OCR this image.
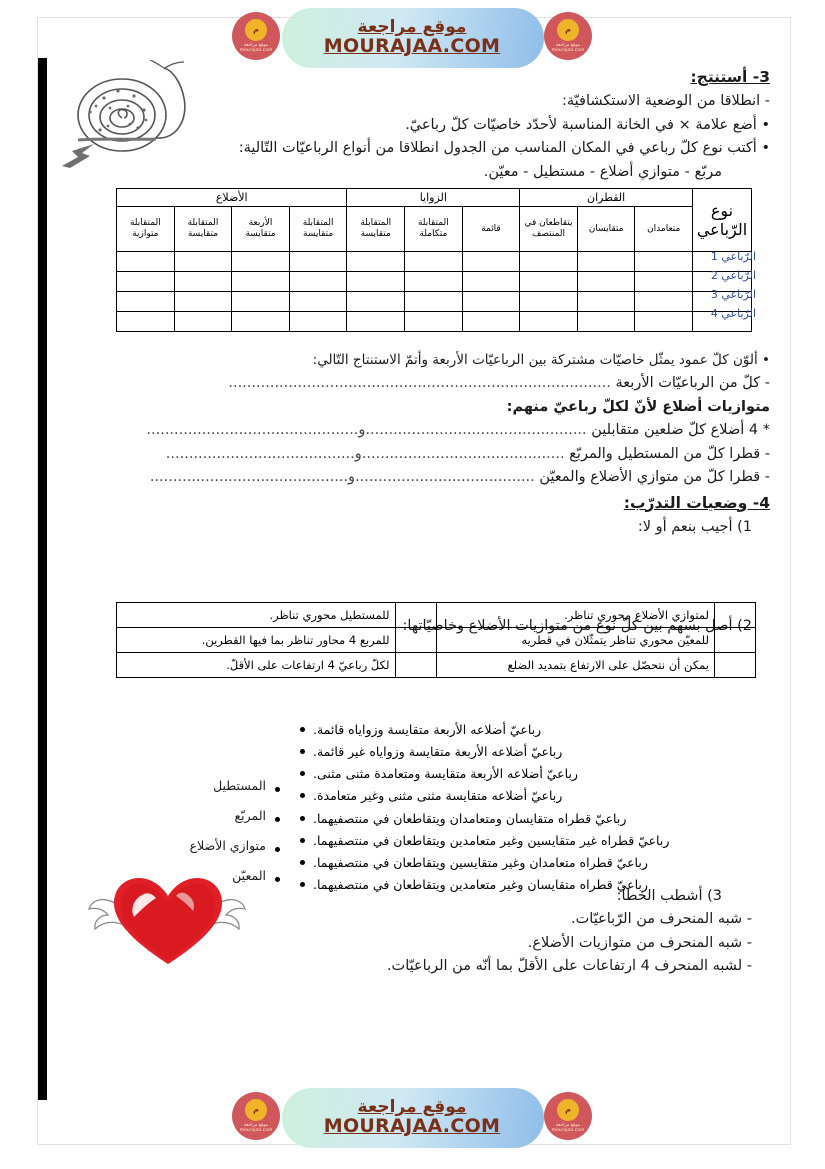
3- أستنتج:
- انطلاقا من الوضعية الاستكشافيّة:
• أضع علامة × في الخانة المناسبة لأحدّد خاصيّات كلّ رباعيّ.
• أكتب نوع كلّ رباعي في المكان المناسب من الجدول انطلاقا من أنواع الرباعيّات التّالية:
مربّع - متوازي أضلاع - مستطيل - معيّن.
• ألوّن كلّ عمود يمثّل خاصيّات مشتركة بين الرباعيّات الأربعة وأتمّ الاستنتاج التّالي:
- كلّ من الرباعيّات الأربعة ...................................................................................
متوازيات أضلاع لأنّ لكلّ رباعيّ منهم:
* 4 أضلاع كلّ ضلعين متقابلين ................................................و..............................................
- قطرا كلّ من المستطيل والمربّع ............................................و.........................................
- قطرا كلّ من متوازي الأضلاع والمعيّن .......................................و...........................................
4- وضعيات التدرّب:
1) أجيب بنعم أو لا:
2) أصل بسهم بين كلّ نوع من متوازيات الأضلاع وخاصيّاتها:
3) أشطب الخطأ:
- شبه المنحرف من الرّباعيّات.
- شبه المنحرف من متوازيات الأضلاع.
- لشبه المنحرف 4 ارتفاعات على الأقلّ بما أنّه من الرباعيّات.
نوع الرّباعي	القطران			الزوايا			الأضلاع			
	متعامدان	متقايسان	يتقاطعان في المنتصف	قائمة	المتقابلة متكاملة	المتقابلة متقايسة	المتقابلة متقايسة	الأربعة متقايسة	المتقابلة متقايسة	المتقابلة متوازية

الرّباعي 1
الرّباعي 2
الرّباعي 3
الرّباعي 4
	لمتوازي الأضلاع محوري تناظر.		للمستطيل محوري تناظر.
	للمعيّن محوري تناظر يتمثّلان في قطريه		للمربع 4 محاور تناظر بما فيها القطرين.
	يمكن أن نتحصّل على الارتفاع بتمديد الضلع		لكلّ رباعيّ 4 ارتفاعات على الأقلّ.
رباعيّ أضلاعه الأربعة متقايسة وزواياه قائمة.
رباعيّ أضلاعه الأربعة متقايسة وزواياه غير قائمة.
رباعيّ أضلاعه الأربعة متقايسة ومتعامدة مثنى مثنى.
رباعيّ أضلاعه متقايسة مثنى مثنى وغير متعامدة.
رباعيّ قطراه متقايسان ومتعامدان ويتقاطعان في منتصفيهما.
رباعيّ قطراه غير متقايسين وغير متعامدين ويتقاطعان في منتصفيهما.
رباعيّ قطراه متعامدان وغير متقايسين ويتقاطعان في منتصفيهما.
رباعيّ قطراه متقايسان وغير متعامدين ويتقاطعان في منتصفيهما.
المستطيل
المربّع
متوازي الأضلاع
المعيّن
م
موقع مراجعة
mourajaa.com
م
موقع مراجعة
mourajaa.com
موقع مراجعة
MOURAJAA.COM
م
موقع مراجعة
mourajaa.com
م
موقع مراجعة
mourajaa.com
موقع مراجعة
MOURAJAA.COM
